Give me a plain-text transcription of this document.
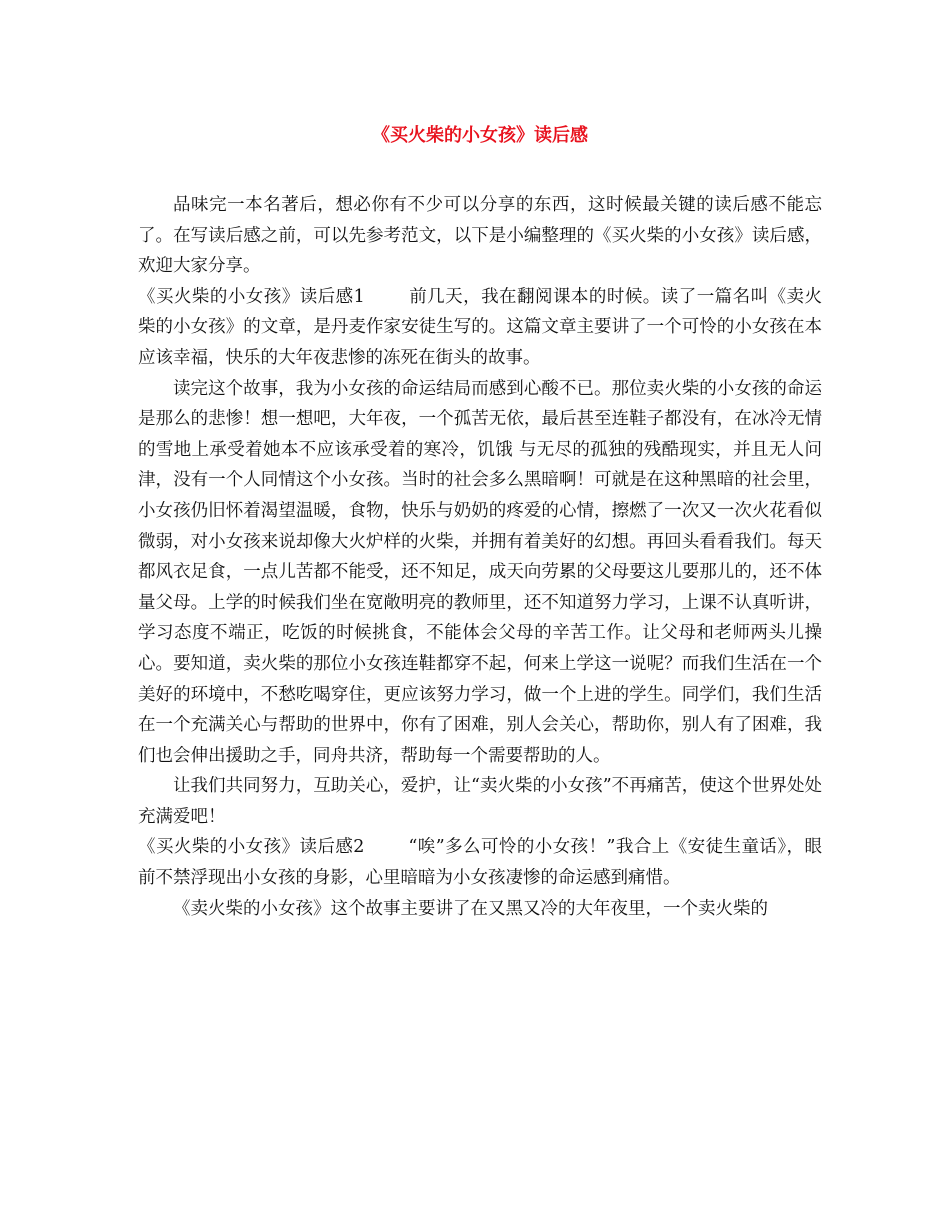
《买火柴的小女孩》读后感

品味完一本名著后，想必你有不少可以分享的东西，这时候最关键的读后感不能忘了。在写读后感之前，可以先参考范文，以下是小编整理的《买火柴的小女孩》读后感，欢迎大家分享。

《买火柴的小女孩》读后感1	前几天，我在翻阅课本的时候。读了一篇名叫《卖火柴的小女孩》的文章，是丹麦作家安徒生写的。这篇文章主要讲了一个可怜的小女孩在本应该幸福，快乐的大年夜悲惨的冻死在街头的故事。

读完这个故事，我为小女孩的命运结局而感到心酸不已。那位卖火柴的小女孩的命运是那么的悲惨！想一想吧，大年夜，一个孤苦无依，最后甚至连鞋子都没有，在冰冷无情的雪地上承受着她本不应该承受着的寒冷，饥饿 与无尽的孤独的残酷现实，并且无人问津，没有一个人同情这个小女孩。当时的社会多么黑暗啊！可就是在这种黑暗的社会里，小女孩仍旧怀着渴望温暖，食物，快乐与奶奶的疼爱的心情，擦燃了一次又一次火花看似微弱，对小女孩来说却像大火炉样的火柴，并拥有着美好的幻想。再回头看看我们。每天都风衣足食，一点儿苦都不能受，还不知足，成天向劳累的父母要这儿要那儿的，还不体量父母。上学的时候我们坐在宽敞明亮的教师里，还不知道努力学习，上课不认真听讲，学习态度不端正，吃饭的时候挑食，不能体会父母的辛苦工作。让父母和老师两头儿操心。要知道，卖火柴的那位小女孩连鞋都穿不起，何来上学这一说呢？而我们生活在一个美好的环境中，不愁吃喝穿住，更应该努力学习，做一个上进的学生。同学们，我们生活在一个充满关心与帮助的世界中，你有了困难，别人会关心，帮助你，别人有了困难，我们也会伸出援助之手，同舟共济，帮助每一个需要帮助的人。

让我们共同努力，互助关心，爱护，让“卖火柴的小女孩”不再痛苦，使这个世界处处充满爱吧！

《买火柴的小女孩》读后感2	“唉”多么可怜的小女孩！”我合上《安徒生童话》，眼前不禁浮现出小女孩的身影，心里暗暗为小女孩凄惨的命运感到痛惜。

《卖火柴的小女孩》这个故事主要讲了在又黑又冷的大年夜里，一个卖火柴的
